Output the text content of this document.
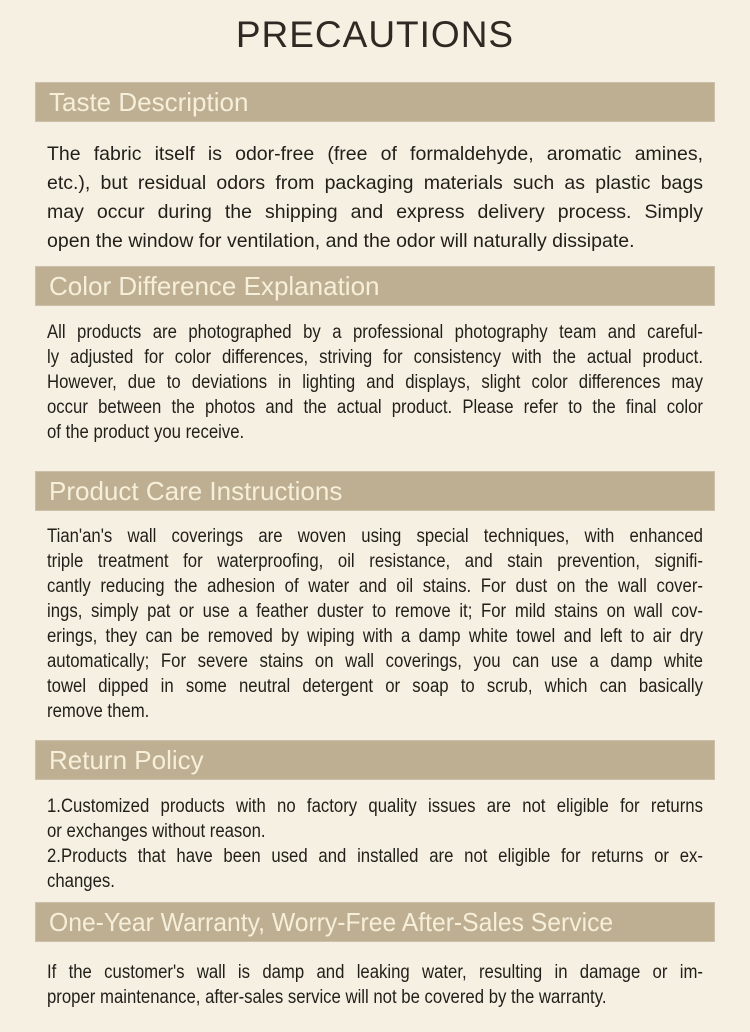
PRECAUTIONS
Taste Description
The fabric itself is odor-free (free of formaldehyde, aromatic amines,
etc.), but residual odors from packaging materials such as plastic bags
may occur during the shipping and express delivery process. Simply
open the window for ventilation, and the odor will naturally dissipate.
Color Difference Explanation
All products are photographed by a professional photography team and careful-
ly adjusted for color differences, striving for consistency with the actual product.
However, due to deviations in lighting and displays, slight color differences may
occur between the photos and the actual product. Please refer to the final color
of the product you receive.
Product Care Instructions
Tian'an's wall coverings are woven using special techniques, with enhanced
triple treatment for waterproofing, oil resistance, and stain prevention, signifi-
cantly reducing the adhesion of water and oil stains. For dust on the wall cover-
ings, simply pat or use a feather duster to remove it; For mild stains on wall cov-
erings, they can be removed by wiping with a damp white towel and left to air dry
automatically; For severe stains on wall coverings, you can use a damp white
towel dipped in some neutral detergent or soap to scrub, which can basically
remove them.
Return Policy
1.Customized products with no factory quality issues are not eligible for returns
or exchanges without reason.
2.Products that have been used and installed are not eligible for returns or ex-
changes.
One-Year Warranty, Worry-Free After-Sales Service
If the customer's wall is damp and leaking water, resulting in damage or im-
proper maintenance, after-sales service will not be covered by the warranty.
